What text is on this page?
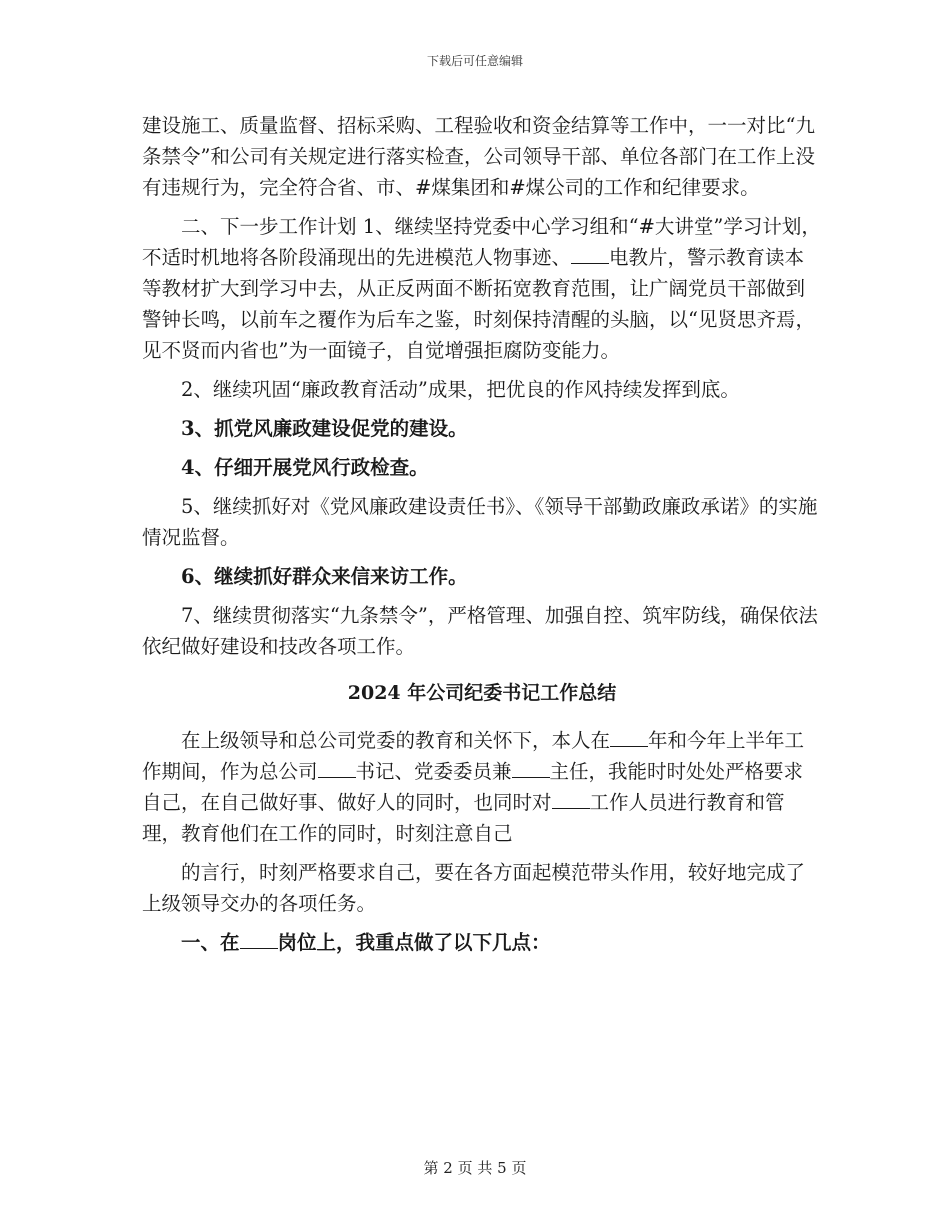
下载后可任意编辑

建设施工、质量监督、招标采购、工程验收和资金结算等工作中，一一对比“九条禁令”和公司有关规定进行落实检查，公司领导干部、单位各部门在工作上没有违规行为，完全符合省、市、#煤集团和#煤公司的工作和纪律要求。

二、下一步工作计划 1、继续坚持党委中心学习组和“#大讲堂”学习计划，不适时机地将各阶段涌现出的先进模范人物事迹、 电教片，警示教育读本等教材扩大到学习中去，从正反两面不断拓宽教育范围，让广阔党员干部做到警钟长鸣，以前车之覆作为后车之鉴，时刻保持清醒的头脑，以“见贤思齐焉，见不贤而内省也”为一面镜子，自觉增强拒腐防变能力。

2、继续巩固“廉政教育活动”成果，把优良的作风持续发挥到底。

3、抓党风廉政建设促党的建设。

4、仔细开展党风行政检查。

5、继续抓好对《党风廉政建设责任书》、《领导干部勤政廉政承诺》的实施情况监督。

6、继续抓好群众来信来访工作。

7、继续贯彻落实“九条禁令”，严格管理、加强自控、筑牢防线，确保依法依纪做好建设和技改各项工作。

2024 年公司纪委书记工作总结

在上级领导和总公司党委的教育和关怀下，本人在 年和今年上半年工作期间，作为总公司 书记、党委委员兼 主任，我能时时处处严格要求自己，在自己做好事、做好人的同时，也同时对 工作人员进行教育和管理，教育他们在工作的同时，时刻注意自己

的言行，时刻严格要求自己，要在各方面起模范带头作用，较好地完成了上级领导交办的各项任务。

一、在 岗位上，我重点做了以下几点：

第 2 页 共 5 页
